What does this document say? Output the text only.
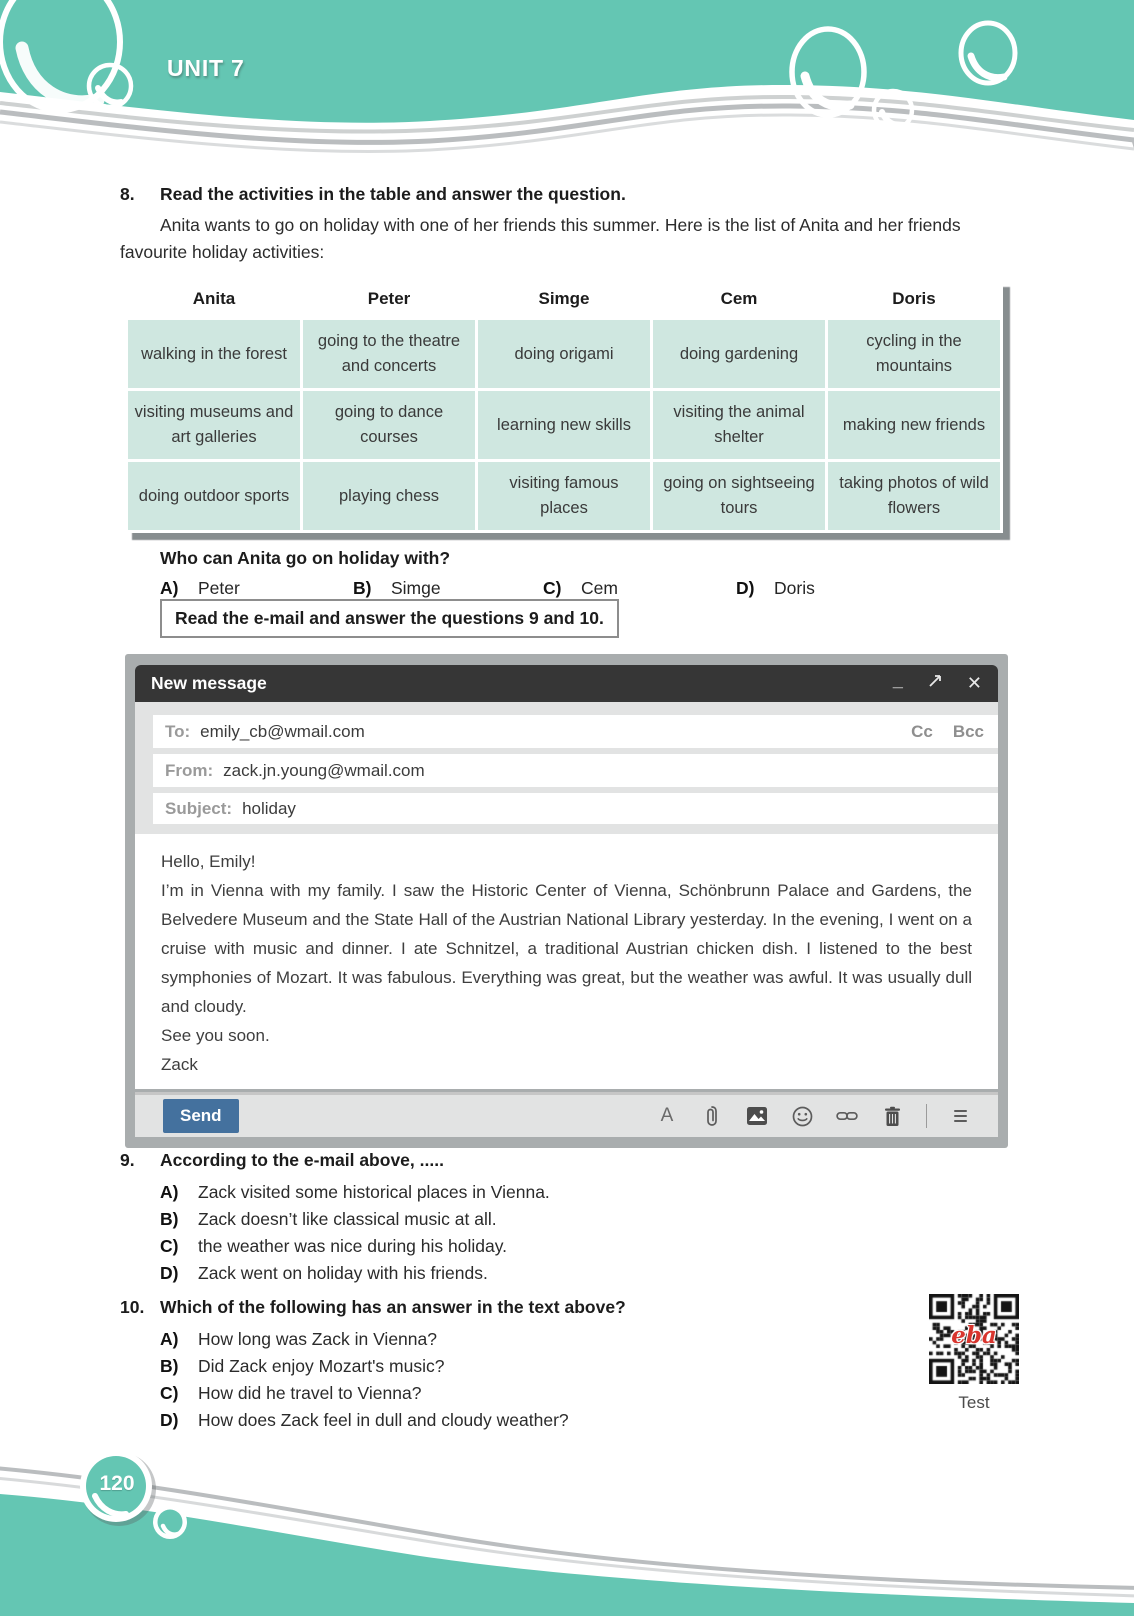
UNIT 7
8.	Read the activities in the table and answer the question.

Anita wants to go on holiday with one of her friends this summer. Here is the list of Anita and her friends favourite holiday activities:

Anita	Peter	Simge	Cem	Doris
walking in the forest	going to the theatre and concerts	doing origami	doing gardening	cycling in the mountains
visiting museums and art galleries	going to dance courses	learning new skills	visiting the animal shelter	making new friends
doing outdoor sports	playing chess	visiting famous places	going on sightseeing tours	taking photos of wild flowers

Who can Anita go on holiday with?

A)	Peter	B)	Simge	C)	Cem	D)	Doris
Read the e-mail and answer the questions 9 and 10.
New message	_	✕
To: emily_cb@wmail.com	Cc Bcc
From: zack.jn.young@wmail.com
Subject: holiday

Hello, Emily!

I’m in Vienna with my family. I saw the Historic Center of Vienna, Schönbrunn Palace and Gardens, the Belvedere Museum and the State Hall of the Austrian National Library yesterday. In the evening, I went on a cruise with music and dinner. I ate Schnitzel, a traditional Austrian chicken dish. I listened to the best symphonies of Mozart. It was fabulous. Everything was great, but the weather was awful. It was usually dull and cloudy.

See you soon.

Zack

Send	A
9.	According to the e-mail above, .....
A)	Zack visited some historical places in Vienna.
B)	Zack doesn’t like classical music at all.
C)	the weather was nice during his holiday.
D)	Zack went on holiday with his friends.
10. Which of the following has an answer in the text above?
A)	How long was Zack in Vienna?
B)	Did Zack enjoy Mozart's music?
C)	How did he travel to Vienna?
D)	How does Zack feel in dull and cloudy weather?
eba
Test
120
